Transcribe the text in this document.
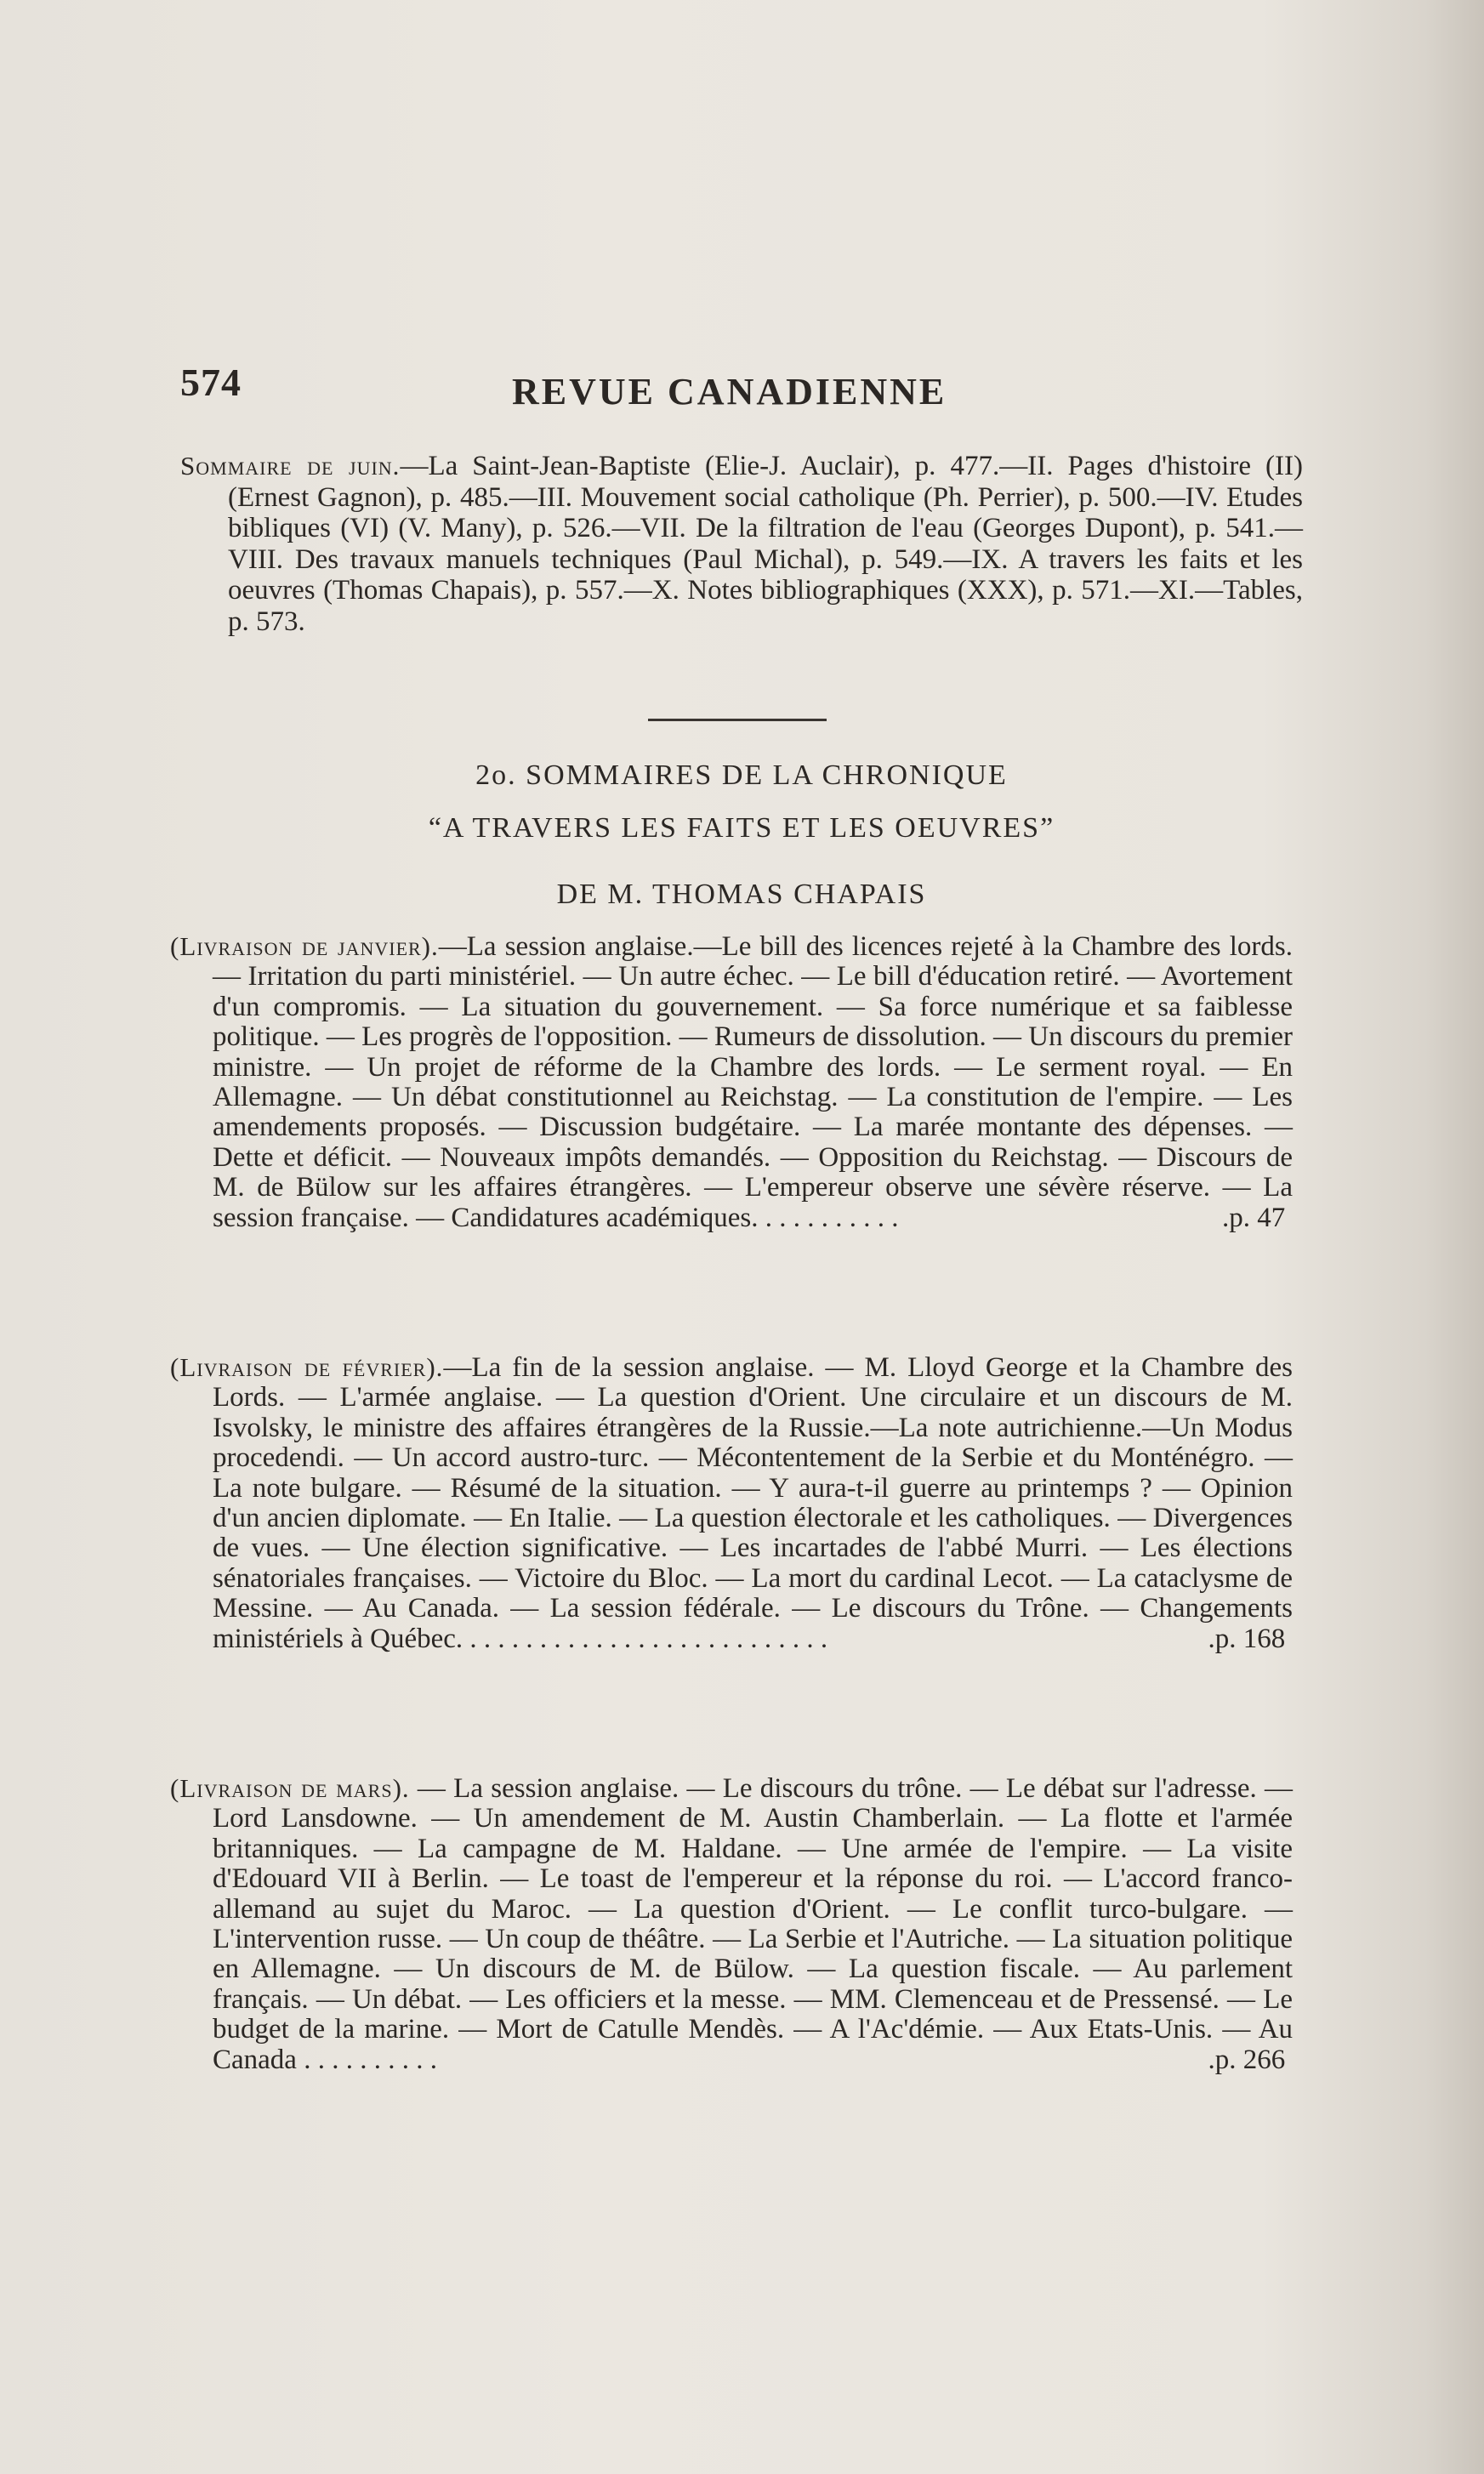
574	REVUE CANADIENNE

Sommaire de juin.—La Saint-Jean-Baptiste (Elie-J. Auclair), p. 477.—II. Pages d'histoire (II) (Ernest Gagnon), p. 485.—III. Mouvement social catholique (Ph. Perrier), p. 500.—IV. Etudes bibliques (VI) (V. Many), p. 526.—VII. De la filtration de l'eau (Georges Dupont), p. 541.—VIII. Des travaux manuels techniques (Paul Michal), p. 549.—IX. A travers les faits et les oeuvres (Thomas Chapais), p. 557.—X. Notes bibliographiques (XXX), p. 571.—XI.—Tables, p. 573.

2o. SOMMAIRES DE LA CHRONIQUE
“A TRAVERS LES FAITS ET LES OEUVRES”
DE M. THOMAS CHAPAIS

(Livraison de janvier).—La session anglaise.—Le bill des licences rejeté à la Chambre des lords. — Irritation du parti ministériel. — Un autre échec. — Le bill d'éducation retiré. — Avortement d'un compromis. — La situation du gouvernement. — Sa force numérique et sa faiblesse politique. — Les progrès de l'opposition. — Rumeurs de dissolution. — Un discours du premier ministre. — Un projet de réforme de la Chambre des lords. — Le serment royal. — En Allemagne. — Un débat constitutionnel au Reichstag. — La constitution de l'empire. — Les amendements proposés. — Discussion budgétaire. — La marée montante des dépenses. — Dette et déficit. — Nouveaux impôts demandés. — Opposition du Reichstag. — Discours de M. de Bülow sur les affaires étrangères. — L'empereur observe une sévère réserve. — La session française. — Candidatures académiques. . . . . . . . . . .	.p. 47

(Livraison de février).—La fin de la session anglaise. — M. Lloyd George et la Chambre des Lords. — L'armée anglaise. — La question d'Orient. Une circulaire et un discours de M. Isvolsky, le ministre des affaires étrangères de la Russie.—La note autrichienne.—Un Modus procedendi. — Un accord austro-turc. — Mécontentement de la Serbie et du Monténégro. — La note bulgare. — Résumé de la situation. — Y aura-t-il guerre au printemps ? — Opinion d'un ancien diplomate. — En Italie. — La question électorale et les catholiques. — Divergences de vues. — Une élection significative. — Les incartades de l'abbé Murri. — Les élections sénatoriales françaises. — Victoire du Bloc. — La mort du cardinal Lecot. — La cataclysme de Messine. — Au Canada. — La session fédérale. — Le discours du Trône. — Changements ministériels à Québec. . . . . . . . . . . . . . . . . . . . . . . . . . .	.p. 168

(Livraison de mars). — La session anglaise. — Le discours du trône. — Le débat sur l'adresse. — Lord Lansdowne. — Un amendement de M. Austin Chamberlain. — La flotte et l'armée britanniques. — La campagne de M. Haldane. — Une armée de l'empire. — La visite d'Edouard VII à Berlin. — Le toast de l'empereur et la réponse du roi. — L'accord franco-allemand au sujet du Maroc. — La question d'Orient. — Le conflit turco-bulgare. — L'intervention russe. — Un coup de théâtre. — La Serbie et l'Autriche. — La situation politique en Allemagne. — Un discours de M. de Bülow. — La question fiscale. — Au parlement français. — Un débat. — Les officiers et la messe. — MM. Clemenceau et de Pressensé. — Le budget de la marine. — Mort de Catulle Mendès. — A l'Ac'démie. — Aux Etats-Unis. — Au Canada . . . . . . . . . .	.p. 266
